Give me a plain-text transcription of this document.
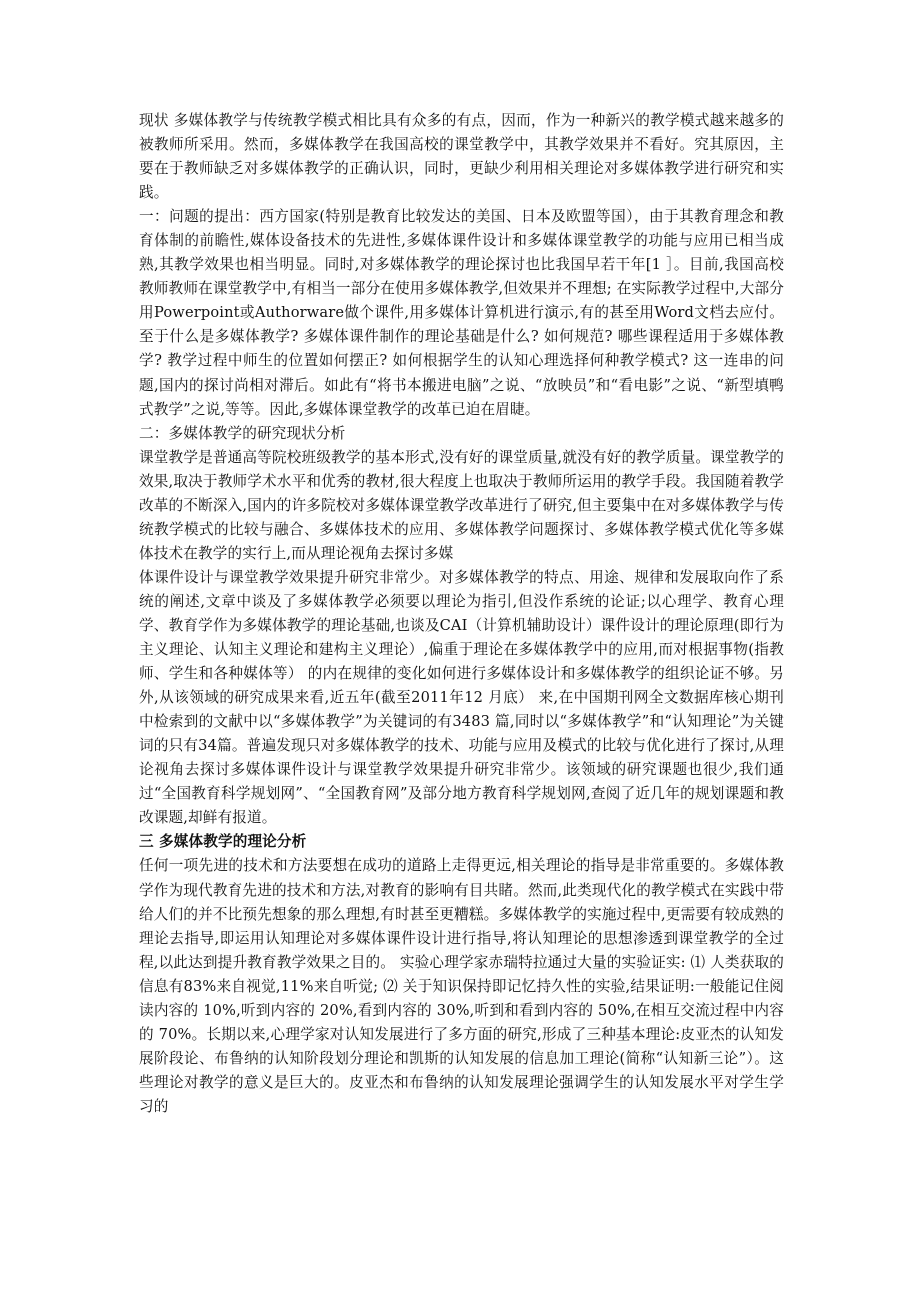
现状 多媒体教学与传统教学模式相比具有众多的有点，因而，作为一种新兴的教学模式越来越多的被教师所采用。然而，多媒体教学在我国高校的课堂教学中，其教学效果并不看好。究其原因，主要在于教师缺乏对多媒体教学的正确认识，同时，更缺少利用相关理论对多媒体教学进行研究和实践。

一：问题的提出：西方国家(特别是教育比较发达的美国、日本及欧盟等国），由于其教育理念和教育体制的前瞻性,媒体设备技术的先进性,多媒体课件设计和多媒体课堂教学的功能与应用已相当成熟,其教学效果也相当明显。同时,对多媒体教学的理论探讨也比我国早若干年[1 ］。目前,我国高校教师教师在课堂教学中,有相当一部分在使用多媒体教学,但效果并不理想; 在实际教学过程中,大部分用Powerpoint或Authorware做个课件,用多媒体计算机进行演示,有的甚至用Word文档去应付。至于什么是多媒体教学? 多媒体课件制作的理论基础是什么? 如何规范? 哪些课程适用于多媒体教学? 教学过程中师生的位置如何摆正? 如何根据学生的认知心理选择何种教学模式? 这一连串的问题,国内的探讨尚相对滞后。如此有“将书本搬进电脑”之说、“放映员”和“看电影”之说、“新型填鸭式教学”之说,等等。因此,多媒体课堂教学的改革已迫在眉睫。

二：多媒体教学的研究现状分析

课堂教学是普通高等院校班级教学的基本形式,没有好的课堂质量,就没有好的教学质量。课堂教学的效果,取决于教师学术水平和优秀的教材,很大程度上也取决于教师所运用的教学手段。我国随着教学改革的不断深入,国内的许多院校对多媒体课堂教学改革进行了研究,但主要集中在对多媒体教学与传统教学模式的比较与融合、多媒体技术的应用、多媒体教学问题探讨、多媒体教学模式优化等多媒体技术在教学的实行上,而从理论视角去探讨多媒

体课件设计与课堂教学效果提升研究非常少。对多媒体教学的特点、用途、规律和发展取向作了系统的阐述,文章中谈及了多媒体教学必须要以理论为指引,但没作系统的论证;以心理学、教育心理学、教育学作为多媒体教学的理论基础,也谈及CAI（计算机辅助设计）课件设计的理论原理(即行为主义理论、认知主义理论和建构主义理论）,偏重于理论在多媒体教学中的应用,而对根据事物(指教师、学生和各种媒体等） 的内在规律的变化如何进行多媒体设计和多媒体教学的组织论证不够。另外,从该领域的研究成果来看,近五年(截至2011年12 月底） 来,在中国期刊网全文数据库核心期刊中检索到的文献中以“多媒体教学”为关键词的有3483 篇,同时以“多媒体教学”和“认知理论”为关键词的只有34篇。普遍发现只对多媒体教学的技术、功能与应用及模式的比较与优化进行了探讨,从理论视角去探讨多媒体课件设计与课堂教学效果提升研究非常少。该领域的研究课题也很少,我们通过“全国教育科学规划网”、“全国教育网”及部分地方教育科学规划网,查阅了近几年的规划课题和教改课题,却鲜有报道。

三 多媒体教学的理论分析

任何一项先进的技术和方法要想在成功的道路上走得更远,相关理论的指导是非常重要的。多媒体教学作为现代教育先进的技术和方法,对教育的影响有目共睹。然而,此类现代化的教学模式在实践中带给人们的并不比预先想象的那么理想,有时甚至更糟糕。多媒体教学的实施过程中,更需要有较成熟的理论去指导,即运用认知理论对多媒体课件设计进行指导,将认知理论的思想渗透到课堂教学的全过程,以此达到提升教育教学效果之目的。 实验心理学家赤瑞特拉通过大量的实验证实: ⑴ 人类获取的信息有83%来自视觉,11%来自听觉; ⑵ 关于知识保持即记忆持久性的实验,结果证明:一般能记住阅读内容的 10%,听到内容的 20%,看到内容的 30%,听到和看到内容的 50%,在相互交流过程中内容的 70%。长期以来,心理学家对认知发展进行了多方面的研究,形成了三种基本理论:皮亚杰的认知发展阶段论、布鲁纳的认知阶段划分理论和凯斯的认知发展的信息加工理论(简称“认知新三论”）。这些理论对教学的意义是巨大的。皮亚杰和布鲁纳的认知发展理论强调学生的认知发展水平对学生学习的
